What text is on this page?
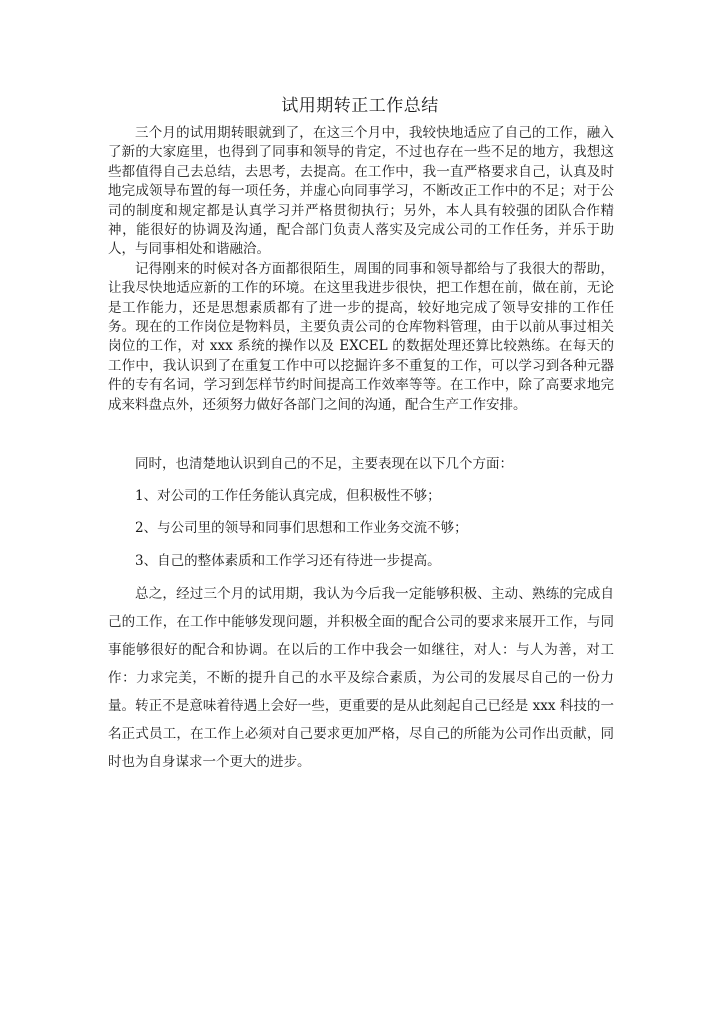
试用期转正工作总结

三个月的试用期转眼就到了，在这三个月中，我较快地适应了自己的工作，融入了新的大家庭里，也得到了同事和领导的肯定，不过也存在一些不足的地方，我想这些都值得自己去总结，去思考，去提高。在工作中，我一直严格要求自己，认真及时地完成领导布置的每一项任务，并虚心向同事学习，不断改正工作中的不足；对于公司的制度和规定都是认真学习并严格贯彻执行；另外，本人具有较强的团队合作精神，能很好的协调及沟通，配合部门负责人落实及完成公司的工作任务，并乐于助人，与同事相处和谐融洽。

记得刚来的时候对各方面都很陌生，周围的同事和领导都给与了我很大的帮助，让我尽快地适应新的工作的环境。在这里我进步很快，把工作想在前，做在前，无论是工作能力，还是思想素质都有了进一步的提高，较好地完成了领导安排的工作任务。现在的工作岗位是物料员，主要负责公司的仓库物料管理，由于以前从事过相关岗位的工作，对 xxx 系统的操作以及 EXCEL 的数据处理还算比较熟练。在每天的工作中，我认识到了在重复工作中可以挖掘许多不重复的工作，可以学习到各种元器件的专有名词，学习到怎样节约时间提高工作效率等等。在工作中，除了高要求地完成来料盘点外，还须努力做好各部门之间的沟通，配合生产工作安排。

同时，也清楚地认识到自己的不足，主要表现在以下几个方面：

1、对公司的工作任务能认真完成，但积极性不够；

2、与公司里的领导和同事们思想和工作业务交流不够；

3、自己的整体素质和工作学习还有待进一步提高。

总之，经过三个月的试用期，我认为今后我一定能够积极、主动、熟练的完成自己的工作，在工作中能够发现问题，并积极全面的配合公司的要求来展开工作，与同事能够很好的配合和协调。在以后的工作中我会一如继往，对人：与人为善，对工作：力求完美，不断的提升自己的水平及综合素质，为公司的发展尽自己的一份力量。转正不是意味着待遇上会好一些，更重要的是从此刻起自己已经是 xxx 科技的一名正式员工，在工作上必须对自己要求更加严格，尽自己的所能为公司作出贡献，同时也为自身谋求一个更大的进步。
